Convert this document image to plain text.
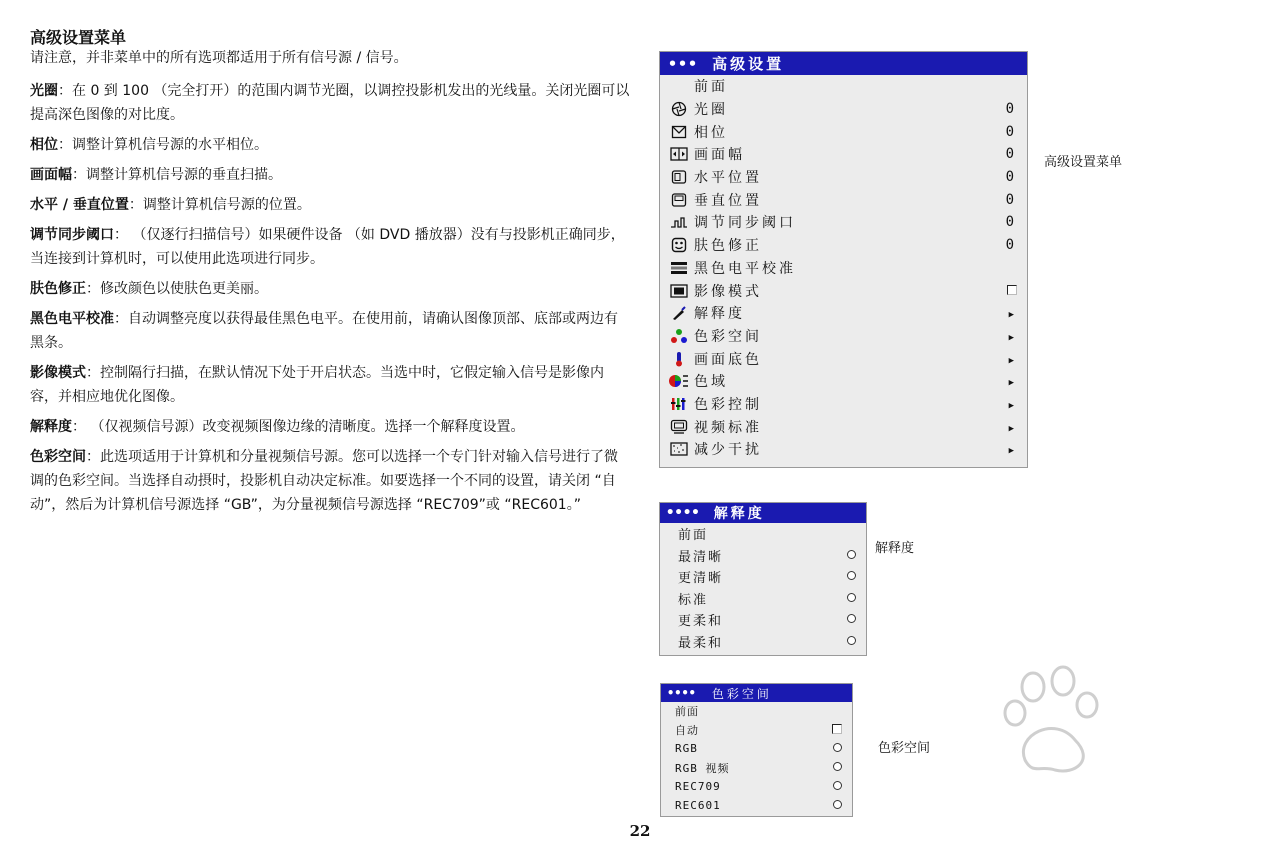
高级设置菜单

请注意，并非菜单中的所有选项都适用于所有信号源 / 信号。

光圈：在 0 到 100 （完全打开）的范围内调节光圈，以调控投影机发出的光线量。关闭光圈可以提高深色图像的对比度。

相位：调整计算机信号源的水平相位。

画面幅：调整计算机信号源的垂直扫描。

水平 / 垂直位置：调整计算机信号源的位置。

调节同步阈口： （仅逐行扫描信号）如果硬件设备 （如 DVD 播放器）没有与投影机正确同步，当连接到计算机时，可以使用此选项进行同步。

肤色修正：修改颜色以使肤色更美丽。

黑色电平校准：自动调整亮度以获得最佳黑色电平。在使用前，请确认图像顶部、底部或两边有黑条。

影像模式：控制隔行扫描，在默认情况下处于开启状态。当选中时，它假定输入信号是影像内容，并相应地优化图像。

解释度： （仅视频信号源）改变视频图像边缘的清晰度。选择一个解释度设置。

色彩空间：此选项适用于计算机和分量视频信号源。您可以选择一个专门针对输入信号进行了微调的色彩空间。当选择自动摂时，投影机自动决定标准。如要选择一个不同的设置，请关闭 “自动”，然后为计算机信号源选择 “GB”，为分量视频信号源选择 “REC709”或 “REC601。”

••• 高级设置
前面
光圈	0
相位	0
画面幅	0
水平位置	0
垂直位置	0
调节同步阈口	0
肤色修正	0
黑色电平校准
影像模式
解释度	▶
色彩空间	▶
画面底色	▶
色域	▶
色彩控制	▶
视频标准	▶
减少干扰	▶
高级设置菜单
•••• 解释度
前面
最清晰
更清晰
标准
更柔和
最柔和
解释度
•••• 色彩空间
前面
自动
RGB
RGB 视频
REC709
REC601
色彩空间
22
